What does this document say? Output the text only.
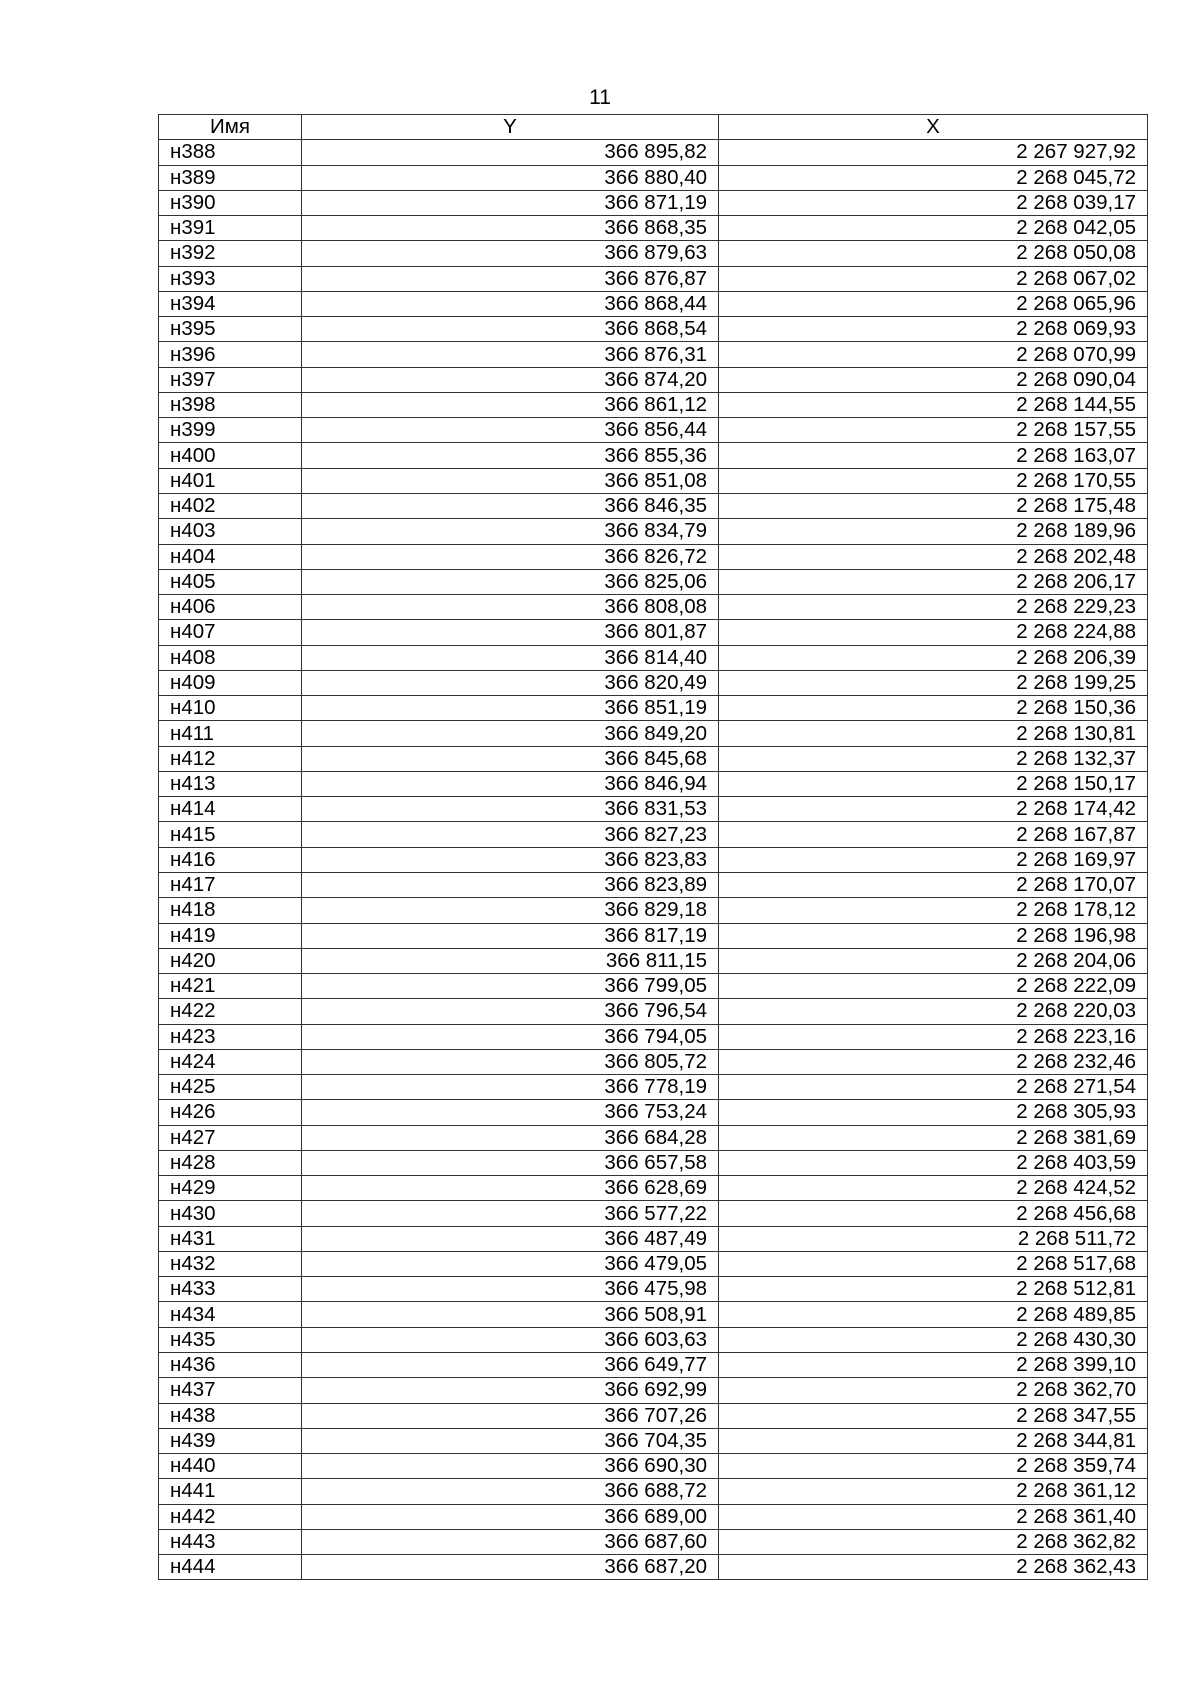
11
Имя	Y	X
н388	366 895,82	2 267 927,92
н389	366 880,40	2 268 045,72
н390	366 871,19	2 268 039,17
н391	366 868,35	2 268 042,05
н392	366 879,63	2 268 050,08
н393	366 876,87	2 268 067,02
н394	366 868,44	2 268 065,96
н395	366 868,54	2 268 069,93
н396	366 876,31	2 268 070,99
н397	366 874,20	2 268 090,04
н398	366 861,12	2 268 144,55
н399	366 856,44	2 268 157,55
н400	366 855,36	2 268 163,07
н401	366 851,08	2 268 170,55
н402	366 846,35	2 268 175,48
н403	366 834,79	2 268 189,96
н404	366 826,72	2 268 202,48
н405	366 825,06	2 268 206,17
н406	366 808,08	2 268 229,23
н407	366 801,87	2 268 224,88
н408	366 814,40	2 268 206,39
н409	366 820,49	2 268 199,25
н410	366 851,19	2 268 150,36
н411	366 849,20	2 268 130,81
н412	366 845,68	2 268 132,37
н413	366 846,94	2 268 150,17
н414	366 831,53	2 268 174,42
н415	366 827,23	2 268 167,87
н416	366 823,83	2 268 169,97
н417	366 823,89	2 268 170,07
н418	366 829,18	2 268 178,12
н419	366 817,19	2 268 196,98
н420	366 811,15	2 268 204,06
н421	366 799,05	2 268 222,09
н422	366 796,54	2 268 220,03
н423	366 794,05	2 268 223,16
н424	366 805,72	2 268 232,46
н425	366 778,19	2 268 271,54
н426	366 753,24	2 268 305,93
н427	366 684,28	2 268 381,69
н428	366 657,58	2 268 403,59
н429	366 628,69	2 268 424,52
н430	366 577,22	2 268 456,68
н431	366 487,49	2 268 511,72
н432	366 479,05	2 268 517,68
н433	366 475,98	2 268 512,81
н434	366 508,91	2 268 489,85
н435	366 603,63	2 268 430,30
н436	366 649,77	2 268 399,10
н437	366 692,99	2 268 362,70
н438	366 707,26	2 268 347,55
н439	366 704,35	2 268 344,81
н440	366 690,30	2 268 359,74
н441	366 688,72	2 268 361,12
н442	366 689,00	2 268 361,40
н443	366 687,60	2 268 362,82
н444	366 687,20	2 268 362,43
